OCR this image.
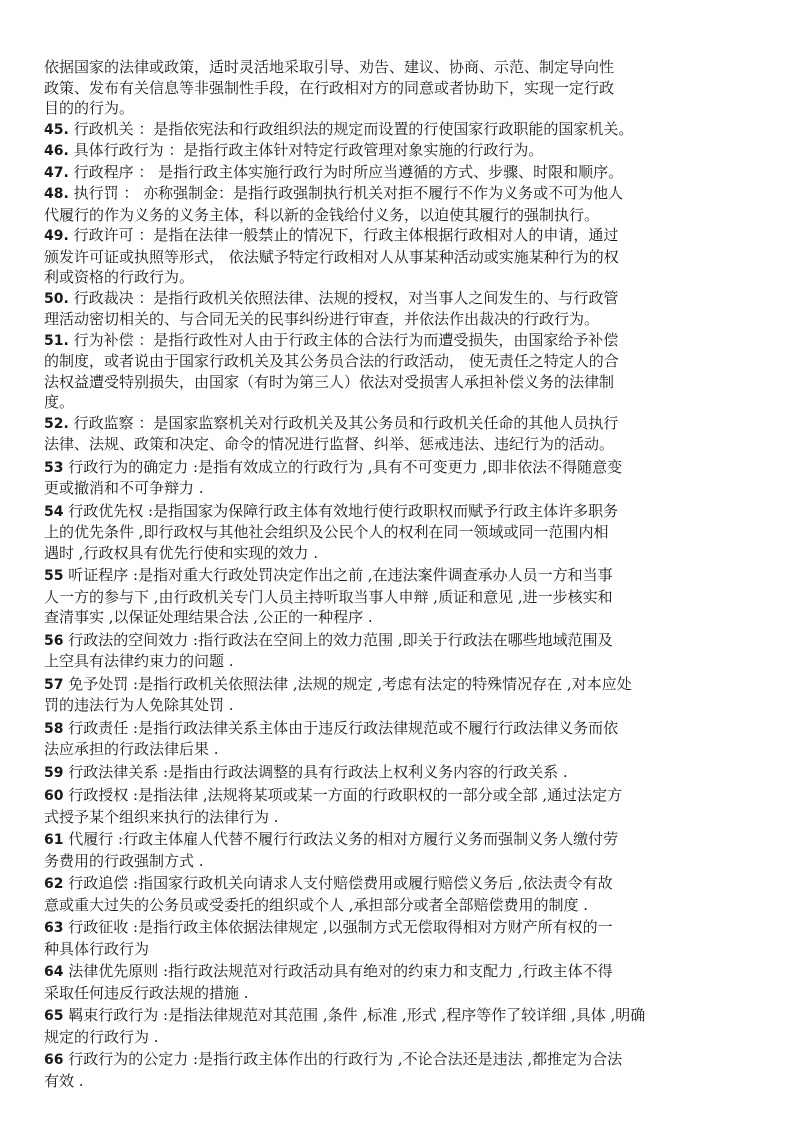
依据国家的法律或政策，适时灵活地采取引导、劝告、建议、协商、示范、制定导向性
政策、发布有关信息等非强制性手段，在行政相对方的同意或者协助下，实现一定行政
目的的行为。
45. 行政机关 ：是指依宪法和行政组织法的规定而设置的行使国家行政职能的国家机关。
46. 具体行政行为 ：是指行政主体针对特定行政管理对象实施的行政行为。
47. 行政程序 ： 是指行政主体实施行政行为时所应当遵循的方式、步骤、时限和顺序。
48. 执行罚 ： 亦称强制金：是指行政强制执行机关对拒不履行不作为义务或不可为他人
代履行的作为义务的义务主体，科以新的金钱给付义务，以迫使其履行的强制执行。
49. 行政许可 ：是指在法律一般禁止的情况下，行政主体根据行政相对人的申请，通过
颁发许可证或执照等形式， 依法赋予特定行政相对人从事某种活动或实施某种行为的权
利或资格的行政行为。
50. 行政裁决 ：是指行政机关依照法律、法规的授权，对当事人之间发生的、与行政管
理活动密切相关的、与合同无关的民事纠纷进行审查，并依法作出裁决的行政行为。
51. 行为补偿 ：是指行政性对人由于行政主体的合法行为而遭受损失，由国家给予补偿
的制度，或者说由于国家行政机关及其公务员合法的行政活动， 使无责任之特定人的合
法权益遭受特别损失，由国家（有时为第三人）依法对受损害人承担补偿义务的法律制
度。
52. 行政监察 ：是国家监察机关对行政机关及其公务员和行政机关任命的其他人员执行
法律、法规、政策和决定、命令的情况进行监督、纠举、惩戒违法、违纪行为的活动。
53 行政行为的确定力 :是指有效成立的行政行为 ,具有不可变更力 ,即非依法不得随意变
更或撤消和不可争辩力 .
54 行政优先权 :是指国家为保障行政主体有效地行使行政职权而赋予行政主体许多职务
上的优先条件 ,即行政权与其他社会组织及公民个人的权利在同一领域或同一范围内相
遇时 ,行政权具有优先行使和实现的效力 .
55 听证程序 :是指对重大行政处罚决定作出之前 ,在违法案件调查承办人员一方和当事
人一方的参与下 ,由行政机关专门人员主持听取当事人申辩 ,质证和意见 ,进一步核实和
查清事实 ,以保证处理结果合法 ,公正的一种程序 .
56 行政法的空间效力 :指行政法在空间上的效力范围 ,即关于行政法在哪些地域范围及
上空具有法律约束力的问题 .
57 免予处罚 :是指行政机关依照法律 ,法规的规定 ,考虑有法定的特殊情况存在 ,对本应处
罚的违法行为人免除其处罚 .
58 行政责任 :是指行政法律关系主体由于违反行政法律规范或不履行行政法律义务而依
法应承担的行政法律后果 .
59 行政法律关系 :是指由行政法调整的具有行政法上权利义务内容的行政关系 .
60 行政授权 :是指法律 ,法规将某项或某一方面的行政职权的一部分或全部 ,通过法定方
式授予某个组织来执行的法律行为 .
61 代履行 :行政主体雇人代替不履行行政法义务的相对方履行义务而强制义务人缴付劳
务费用的行政强制方式 .
62 行政追偿 :指国家行政机关向请求人支付赔偿费用或履行赔偿义务后 ,依法责令有故
意或重大过失的公务员或受委托的组织或个人 ,承担部分或者全部赔偿费用的制度 .
63 行政征收 :是指行政主体依据法律规定 ,以强制方式无偿取得相对方财产所有权的一
种具体行政行为
64 法律优先原则 :指行政法规范对行政活动具有绝对的约束力和支配力 ,行政主体不得
采取任何违反行政法规的措施 .
65 羁束行政行为 :是指法律规范对其范围 ,条件 ,标准 ,形式 ,程序等作了较详细 ,具体 ,明确
规定的行政行为 .
66 行政行为的公定力 :是指行政主体作出的行政行为 ,不论合法还是违法 ,都推定为合法
有效 .
